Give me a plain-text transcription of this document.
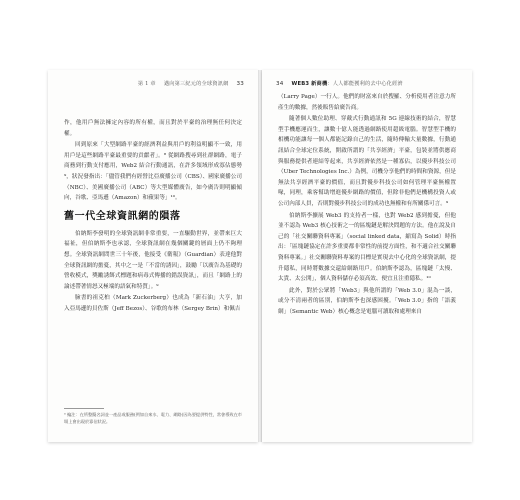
第 1 章 邁向第三紀元的全球資訊網 33

作，他用戶無法擁定內容的所有權，而且對於平臺的治理無任何決定權。

回到原來「大型網路平臺的經濟利益與用戶的利益明顯不一致，用用戶是這些網路平臺最重要的貢獻者」。⁸ 從網路搜尋到社群網路，電子商務到行動支付應用，Web2 結合行動通訊，在許多領域形成寡佔態勢⁹，狀況發指出：「儘管我們有經營比亞廣播公司（CBS）、國家廣播公司（NBC）、美國廣播公司（ABC）等大型媒體廣告，如今廣告則明顯傾向，谷歌、亞馬遜（Amazon）和蘋果等」¹⁰。

舊一代全球資訊網的隕落

伯納斯李發明的全球資訊網非常重要，一直驅動世界，並帶來巨大福祉，但伯納斯李也承認，全球資訊網在幾個關鍵的層面上仍不夠理想。全球資訊網問世三十年後，他接受《衛報》（Guardian）表達他對全球資訊網的擔憂，其中之一是「不當的誘因」，鼓勵「以廣告為基礎的營收模式，獎勵誘餌式標題和病毒式傳播的錯誤資訊」，而且「網路上的論述帶著情怒又極端的語氣和特質」。⁹

臉書的祖克柏（Mark Zuckerberg）也成為「新石油」大亨，加入亞馬遜的貝佐斯（Jeff Bezos）、谷歌的布林（Sergey Brin）和佩吉

⁸ 編注：在所整擬名詞並一產品或服務(例如自來水、電力、網路)因為要提供特性，常會導致在市場上會出現於寡佔狀況。
34 WEB3 新商機 ：人人都能獲利的去中心化經濟

（Larry Page）一行人。他們的財富來自於搜羅、分析使用者注意力所產生的數據，然後販售給廣告商。

隨著個人數位助理、穿戴式行動通訊和 5G 連線技術的結合，智慧型手機應運而生，讓數十億人能透過網路使用超級電腦。智慧型手機的相機功能讓每一個人都能記錄自己的生活，隨時傳輸大量數據，行動通訊結合全球定位系統，開啟所謂的「共享經濟」平臺，包裝並將供應商與服務提供者連結等起來，共享經濟依然是一種寡佔，以優步科技公司（Uber Technologies Inc.）為例，司機分享他們的時間和資源，但是無法共享經濟平臺的價值，而且對優步科技公司如何管理平臺無權置喙，同理，乘客幫助增進優步網路的價值，但除非他們是機構投資人或公司內部人員，否則對優步科技公司的成功也無權和有所關係可言。⁹

伯納斯李擴展 Web3 的支持者一樣，也對 Web2 感到擔憂，但他並不認為 Web3 核心技術之一的區塊鏈是解決問題的方法。他在說及自己的「社交關聯資料專案」（social linked data，縮寫為 Solid）時指出：「區塊鏈協定在許多重要都非常性的前提方面性，和不適合社交關聯資料專案。」社交關聯資料專案的目標是實現去中心化的全球資訊網，提升隱私，同時將數據交還給網路用戶。伯納斯李認為，區塊鏈「太慢、太貴、太公開」，個人資料儲存必須高效、便宜且注重隱私。¹⁰

此外，對於公眾將「Web3」與他所謂的「Web 3.0」混為一談，或分不清兩者的區別，伯納斯李也深感困擾。「Web 3.0」指的「語義網」（Semantic Web）核心概念是電腦可讀取和處理來自
